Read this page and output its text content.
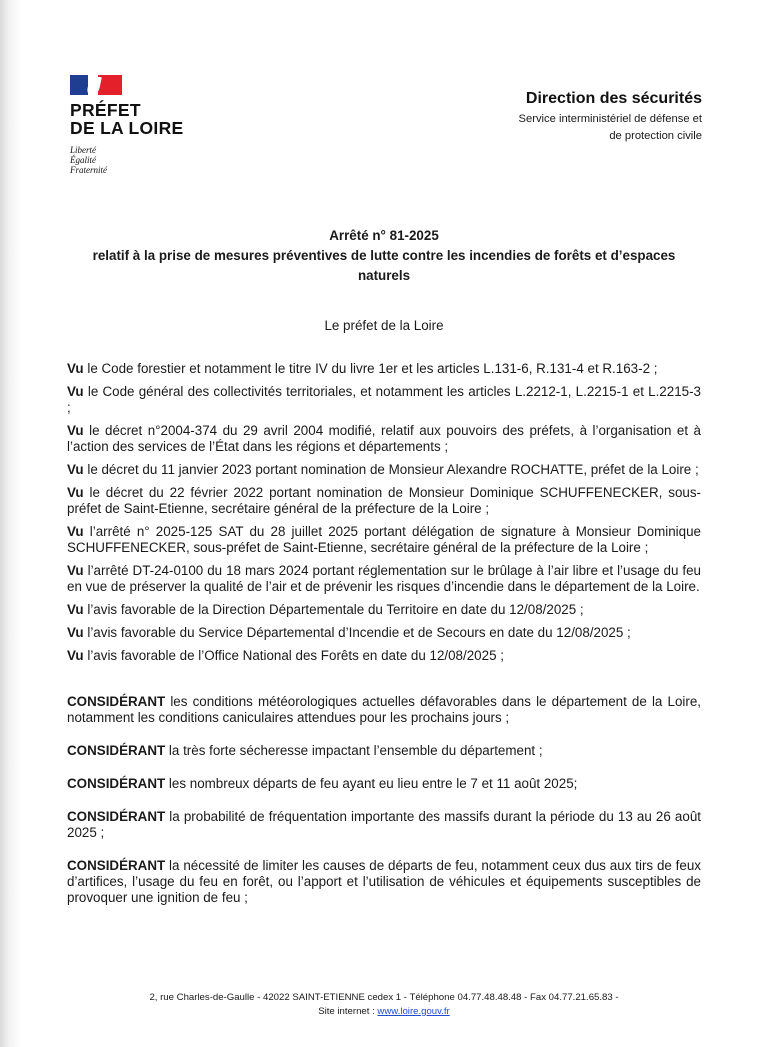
PRÉFET
DE LA LOIRE
Liberté
Égalité
Fraternité
Direction des sécurités
Service interministériel de défense et
de protection civile
Arrêté n° 81-2025
relatif à la prise de mesures préventives de lutte contre les incendies de forêts et d’espaces
naturels
Le préfet de la Loire
Vu le Code forestier et notamment le titre IV du livre 1er et les articles L.131-6, R.131-4 et R.163-2 ;
Vu le Code général des collectivités territoriales, et notamment les articles L.2212-1, L.2215-1 et L.2215-3 ;
Vu le décret n°2004-374 du 29 avril 2004 modifié, relatif aux pouvoirs des préfets, à l’organisation et à l’action des services de l’État dans les régions et départements ;
Vu le décret du 11 janvier 2023 portant nomination de Monsieur Alexandre ROCHATTE, préfet de la Loire ;
Vu le décret du 22 février 2022 portant nomination de Monsieur Dominique SCHUFFENECKER, sous-préfet de Saint-Etienne, secrétaire général de la préfecture de la Loire ;
Vu l’arrêté n° 2025-125 SAT du 28 juillet 2025 portant délégation de signature à Monsieur Dominique SCHUFFENECKER, sous-préfet de Saint-Etienne, secrétaire général de la préfecture de la Loire ;
Vu l’arrêté DT-24-0100 du 18 mars 2024 portant réglementation sur le brûlage à l’air libre et l’usage du feu en vue de préserver la qualité de l’air et de prévenir les risques d’incendie dans le département de la Loire.
Vu l’avis favorable de la Direction Départementale du Territoire en date du 12/08/2025 ;
Vu l’avis favorable du Service Départemental d’Incendie et de Secours en date du 12/08/2025 ;
Vu l’avis favorable de l’Office National des Forêts en date du 12/08/2025 ;
CONSIDÉRANT les conditions météorologiques actuelles défavorables dans le département de la Loire, notamment les conditions caniculaires attendues pour les prochains jours ;
CONSIDÉRANT la très forte sécheresse impactant l’ensemble du département ;
CONSIDÉRANT les nombreux départs de feu ayant eu lieu entre le 7 et 11 août 2025;
CONSIDÉRANT la probabilité de fréquentation importante des massifs durant la période du 13 au 26 août 2025 ;
CONSIDÉRANT la nécessité de limiter les causes de départs de feu, notamment ceux dus aux tirs de feux d’artifices, l’usage du feu en forêt, ou l’apport et l’utilisation de véhicules et équipements susceptibles de provoquer une ignition de feu ;
2, rue Charles-de-Gaulle - 42022 SAINT-ETIENNE cedex 1 - Téléphone 04.77.48.48.48 - Fax 04.77.21.65.83 -
Site internet : www.loire.gouv.fr
